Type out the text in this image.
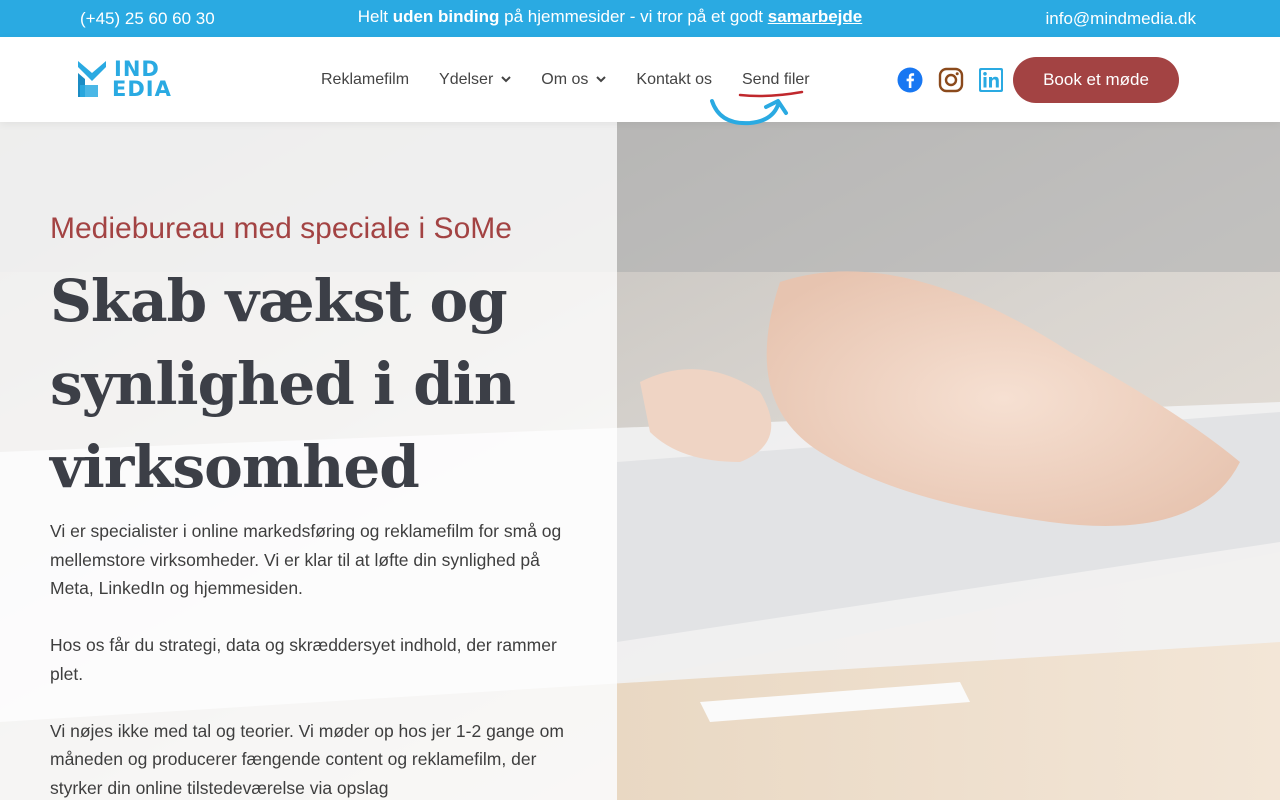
(+45) 25 60 60 30	Helt uden binding på hjemmesider - vi tror på et godt samarbejde	info@mindmedia.dk
IND
EDIA	Reklamefilm Ydelser	Om os	Kontakt os Send filer	Book et møde
Mediebureau med speciale i SoMe
Skab vækst og
synlighed i din
virksomhed

Vi er specialister i online markedsføring og reklamefilm for små og mellemstore virksomheder. Vi er klar til at løfte din synlighed på Meta, LinkedIn og hjemmesiden.

Hos os får du strategi, data og skræddersyet indhold, der rammer plet.

Vi nøjes ikke med tal og teorier. Vi møder op hos jer 1-2 gange om måneden og producerer fængende content og reklamefilm, der styrker din online tilstedeværelse via opslag
